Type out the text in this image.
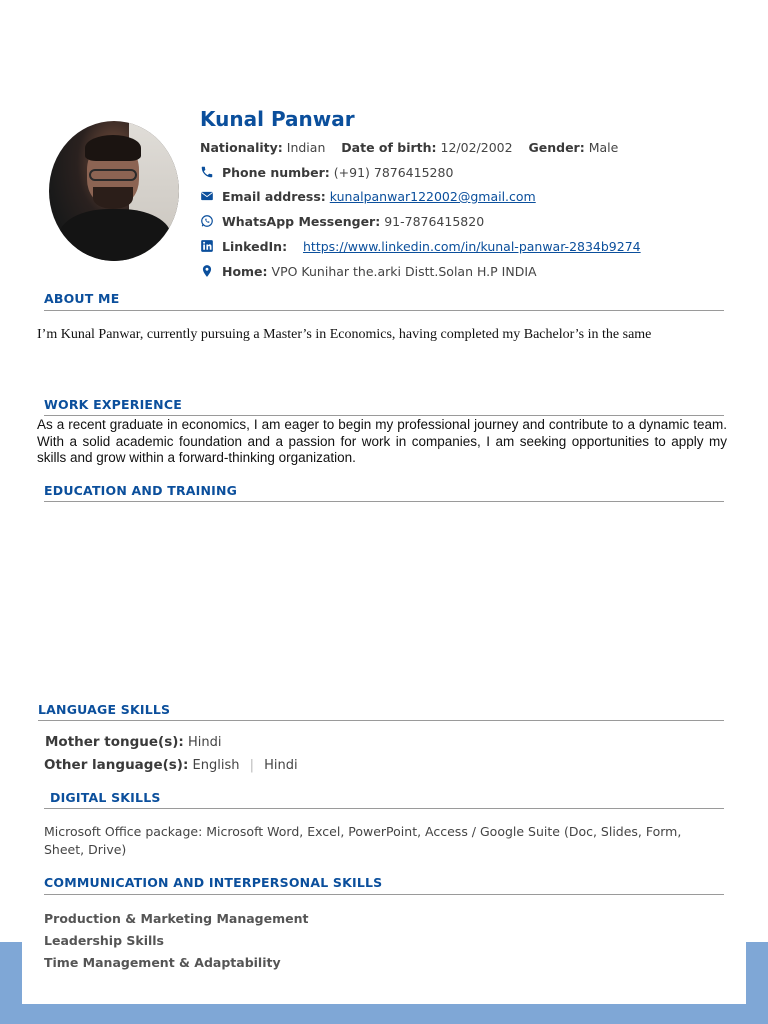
Kunal Panwar
Nationality: Indian Date of birth: 12/02/2002 Gender: Male
Phone number: (+91) 7876415280
Email address: kunalpanwar122002@gmail.com
WhatsApp Messenger: 91-7876415820
LinkedIn: https://www.linkedin.com/in/kunal-panwar-2834b9274
Home: VPO Kunihar the.arki Distt.Solan H.P INDIA
ABOUT ME
I’m Kunal Panwar, currently pursuing a Master’s in Economics, having completed my Bachelor’s in the same
WORK EXPERIENCE
As a recent graduate in economics, I am eager to begin my professional journey and contribute to a dynamic team. With a solid academic foundation and a passion for work in companies, I am seeking opportunities to apply my skills and grow within a forward-thinking organization.
EDUCATION AND TRAINING
LANGUAGE SKILLS
Mother tongue(s): Hindi
Other language(s): English | Hindi
DIGITAL SKILLS
Microsoft Office package: Microsoft Word, Excel, PowerPoint, Access / Google Suite (Doc, Slides, Form, Sheet, Drive)
COMMUNICATION AND INTERPERSONAL SKILLS
Production & Marketing Management
Leadership Skills
Time Management & Adaptability
